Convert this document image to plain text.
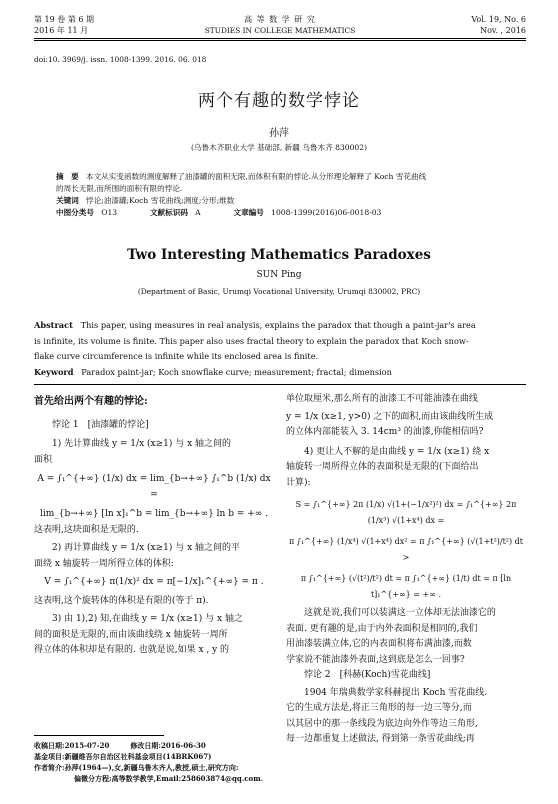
第 19 卷 第 6 期
2016 年 11 月
高 等 数 学 研 究
STUDIES IN COLLEGE MATHEMATICS
Vol. 19, No. 6
Nov. , 2016
doi:10. 3969/j. issn. 1008-1399. 2016. 06. 018
两个有趣的数学悖论
孙萍
(乌鲁木齐职业大学 基础部, 新疆 乌鲁木齐 830002)
摘　要 本文从实变函数的测度解释了油漆罐的面积无限,而体积有限的悖论.从分形理论解释了 Koch 雪花曲线
的周长无限,而所围的面积有限的悖论.
关键词 悖论;油漆罐;Koch 雪花曲线;测度;分形;维数
中图分类号 O13	文献标识码 A	文章编号 1008-1399(2016)06-0018-03
Two Interesting Mathematics Paradoxes
SUN Ping
(Department of Basic, Urumqi Vocational University, Urumqi 830002, PRC)
Abstract This paper, using measures in real analysis, explains the paradox that though a paint-jar's area
is infinite, its volume is finite. This paper also uses fractal theory to explain the paradox that Koch snow-
flake curve circumference is infinite while its enclosed area is finite.
Keyword Paradox paint-jar; Koch snowflake curve; measurement; fractal; dimension
首先给出两个有趣的悖论:
悖论 1　[油漆罐的悖论]
1) 先计算曲线 y = 1/x (x≥1) 与 x 轴之间的
面积
A = ∫₁^{+∞} (1/x) dx = lim_{b→+∞} ∫₁^b (1/x) dx =
lim_{b→+∞} [ln x]₁^b = lim_{b→+∞} ln b = +∞ .
这表明,这块面积是无限的.
2) 再计算曲线 y = 1/x (x≥1) 与 x 轴之间的平
面绕 x 轴旋转一周所得立体的体积:
V = ∫₁^{+∞} π(1/x)² dx = π[−1/x]₁^{+∞} = π .
这表明,这个旋转体的体积是有限的(等于 π).
3) 由 1),2) 知,在曲线 y = 1/x (x≥1) 与 x 轴之
间的面积是无限的,而由该曲线绕 x 轴旋转一周所
得立体的体积却是有限的. 也就是说,如果 x , y 的
单位取厘米,那么所有的油漆工不可能油漆在曲线
y = 1/x (x≥1, y>0) 之下的面积,而由该曲线所生成
的立体内部能装入 3. 14cm³ 的油漆,你能相信吗?
4) 更让人不解的是由曲线 y = 1/x (x≥1) 绕 x
轴旋转一周所得立体的表面积是无限的(下面给出
计算):
S = ∫₁^{+∞} 2π (1/x) √(1+(−1/x²)²) dx = ∫₁^{+∞} 2π (1/x³) √(1+x⁴) dx =
π ∫₁^{+∞} (1/x⁴) √(1+x⁴) dx² = π ∫₁^{+∞} (√(1+t²)/t²) dt >
π ∫₁^{+∞} (√(t²)/t²) dt = π ∫₁^{+∞} (1/t) dt = π [ln t]₁^{+∞} = +∞ .
这就是说,我们可以装满这一立体却无法油漆它的
表面. 更有趣的是,由于内外表面积是相同的,我们
用油漆装满立体,它的内表面积将布满油漆,而数
学家说不能油漆外表面,这到底是怎么一回事?
悖论 2　[科赫(Koch)雪花曲线]
1904 年瑞典数学家科赫提出 Koch 雪花曲线.
它的生成方法是,将正三角形的每一边三等分,而
以其居中的那一条线段为底边向外作等边三角形,
每一边都重复上述做法, 得到第一条雪花曲线;再
收稿日期:2015-07-20　　　修改日期:2016-06-30
基金项目:新疆维吾尔自治区社科基金项目(14BRK067)
作者简介:孙萍(1964—),女,新疆乌鲁木齐人,教授,硕士,研究方向:
偏微分方程;高等数学教学,Email:258603874@qq.com.
